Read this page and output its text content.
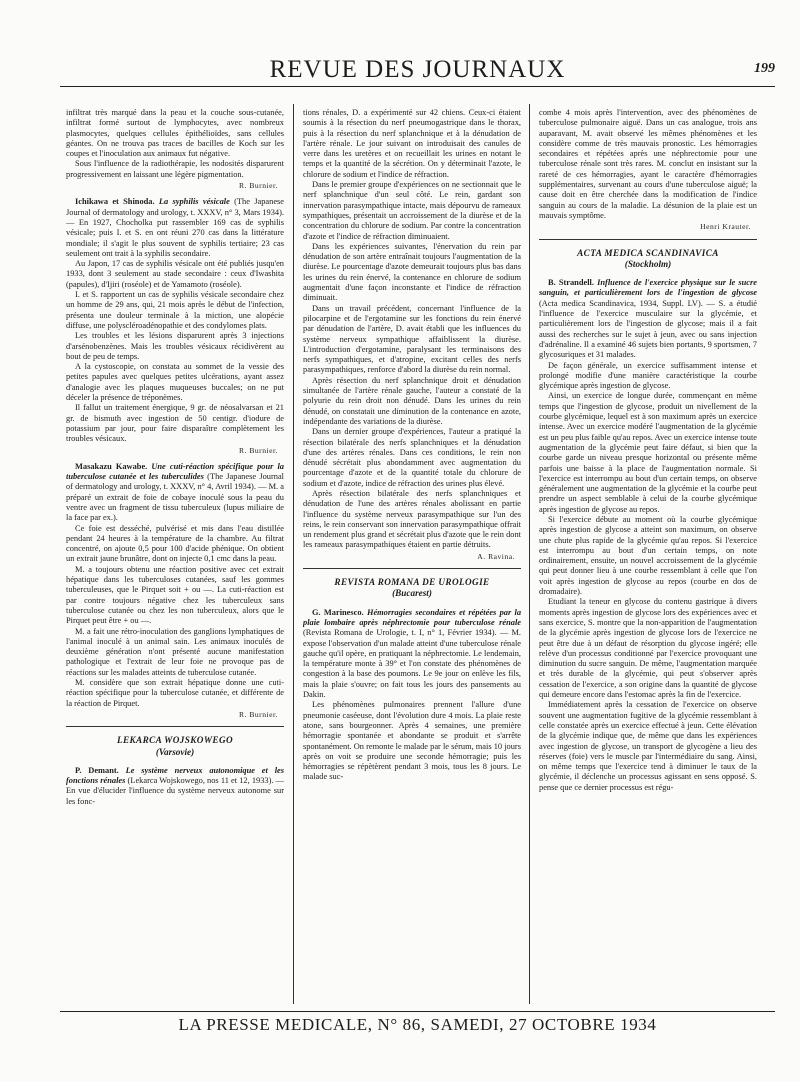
REVUE DES JOURNAUX	199

infiltrat très marqué dans la peau et la couche sous-cutanée, infiltrat formé surtout de lymphocytes, avec nombreux plasmocytes, quelques cellules épithélioïdes, sans cellules géantes. On ne trouva pas traces de bacilles de Koch sur les coupes et l'inoculation aux animaux fut négative.

Sous l'influence de la radiothérapie, les nodosités disparurent progressivement en laissant une légère pigmentation.

R. Burnier.

Ichikawa et Shinoda. La syphilis vésicale (The Japanese Journal of dermatology and urology, t. XXXV, n° 3, Mars 1934). — En 1927, Chocholka put rassembler 169 cas de syphilis vésicale; puis I. et S. en ont réuni 270 cas dans la littérature mondiale; il s'agit le plus souvent de syphilis tertiaire; 23 cas seulement ont trait à la syphilis secondaire.

Au Japon, 17 cas de syphilis vésicale ont été publiés jusqu'en 1933, dont 3 seulement au stade secondaire : ceux d'Iwashita (papules), d'Ijiri (roséole) et de Yamamoto (roséole).

I. et S. rapportent un cas de syphilis vésicale secondaire chez un homme de 29 ans, qui, 21 mois après le début de l'infection, présenta une douleur terminale à la miction, une alopécie diffuse, une polyscléroadénopathie et des condylomes plats.

Les troubles et les lésions disparurent après 3 injections d'arsénobenzènes. Mais les troubles vésicaux récidivèrent au bout de peu de temps.

A la cystoscopie, on constata au sommet de la vessie des petites papules avec quelques petites ulcérations, ayant assez d'analogie avec les plaques muqueuses buccales; on ne put déceler la présence de tréponèmes.

Il fallut un traitement énergique, 9 gr. de néosalvarsan et 21 gr. de bismuth avec ingestion de 50 centigr. d'iodure de potassium par jour, pour faire disparaître complètement les troubles vésicaux.

R. Burnier.

Masakazu Kawabe. Une cuti-réaction spécifique pour la tuberculose cutanée et les tuberculides (The Japanese Journal of dermatology and urology, t. XXXV, n° 4, Avril 1934). — M. a préparé un extrait de foie de cobaye inoculé sous la peau du ventre avec un fragment de tissu tuberculeux (lupus miliaire de la face par ex.).

Ce foie est desséché, pulvérisé et mis dans l'eau distillée pendant 24 heures à la température de la chambre. Au filtrat concentré, on ajoute 0,5 pour 100 d'acide phénique. On obtient un extrait jaune brunâtre, dont on injecte 0,1 cmc dans la peau.

M. a toujours obtenu une réaction positive avec cet extrait hépatique dans les tuberculoses cutanées, sauf les gommes tuberculeuses, que le Pirquet soit + ou —. La cuti-réaction est par contre toujours négative chez les tuberculeux sans tuberculose cutanée ou chez les non tuberculeux, alors que le Pirquet peut être + ou —.

M. a fait une rétro-inoculation des ganglions lymphatiques de l'animal inoculé à un animal sain. Les animaux inoculés de deuxième génération n'ont présenté aucune manifestation pathologique et l'extrait de leur foie ne provoque pas de réactions sur les malades atteints de tuberculose cutanée.

M. considère que son extrait hépatique donne une cuti-réaction spécifique pour la tuberculose cutanée, et différente de la réaction de Pirquet.

R. Burnier.
LEKARCA WOJSKOWEGO
(Varsovie)

P. Demant. Le système nerveux autonomique et les fonctions rénales (Lekarca Wojskowego, nos 11 et 12, 1933). — En vue d'élucider l'influence du système nerveux autonome sur les fonc-

tions rénales, D. a expérimenté sur 42 chiens. Ceux-ci étaient soumis à la résection du nerf pneumogastrique dans le thorax, puis à la résection du nerf splanchnique et à la dénudation de l'artère rénale. Le jour suivant on introduisait des canules de verre dans les uretères et on recueillait les urines en notant le temps et la quantité de la sécrétion. On y déterminait l'azote, le chlorure de sodium et l'indice de réfraction.

Dans le premier groupe d'expériences on ne sectionnait que le nerf splanchnique d'un seul côté. Le rein, gardant son innervation parasympathique intacte, mais dépourvu de rameaux sympathiques, présentait un accroissement de la diurèse et de la concentration du chlorure de sodium. Par contre la concentration d'azote et l'indice de réfraction diminuaient.

Dans les expériences suivantes, l'énervation du rein par dénudation de son artère entraînait toujours l'augmentation de la diurèse. Le pourcentage d'azote demeurait toujours plus bas dans les urines du rein énervé, la contenance en chlorure de sodium augmentait d'une façon inconstante et l'indice de réfraction diminuait.

Dans un travail précédent, concernant l'influence de la pilocarpine et de l'ergotamine sur les fonctions du rein énervé par dénudation de l'artère, D. avait établi que les influences du système nerveux sympathique affaiblissent la diurèse. L'introduction d'ergotamine, paralysant les terminaisons des nerfs sympathiques, et d'atropine, excitant celles des nerfs parasympathiques, renforce d'abord la diurèse du rein normal.

Après résection du nerf splanchnique droit et dénudation simultanée de l'artère rénale gauche, l'auteur a constaté de la polyurie du rein droit non dénudé. Dans les urines du rein dénudé, on constatait une diminution de la contenance en azote, indépendante des variations de la diurèse.

Dans un dernier groupe d'expériences, l'auteur a pratiqué la résection bilatérale des nerfs splanchniques et la dénudation d'une des artères rénales. Dans ces conditions, le rein non dénudé sécrétait plus abondamment avec augmentation du pourcentage d'azote et de la quantité totale du chlorure de sodium et d'azote, indice de réfraction des urines plus élevé.

Après résection bilatérale des nerfs splanchniques et dénudation de l'une des artères rénales abolissant en partie l'influence du système nerveux parasympathique sur l'un des reins, le rein conservant son innervation parasympathique offrait un rendement plus grand et sécrétait plus d'azote que le rein dont les rameaux parasympathiques étaient en partie détruits.

A. Ravina.
REVISTA ROMANA DE UROLOGIE
(Bucarest)

G. Marinesco. Hémorragies secondaires et répétées par la plaie lombaire après néphrectomie pour tuberculose rénale (Revista Romana de Urologie, t. I, n° 1, Février 1934). — M. expose l'observation d'un malade atteint d'une tuberculose rénale gauche qu'il opère, en pratiquant la néphrectomie. Le lendemain, la température monte à 39° et l'on constate des phénomènes de congestion à la base des poumons. Le 9e jour on enlève les fils, mais la plaie s'ouvre; on fait tous les jours des pansements au Dakin.

Les phénomènes pulmonaires prennent l'allure d'une pneumonie caséeuse, dont l'évolution dure 4 mois. La plaie reste atone, sans bourgeonner. Après 4 semaines, une première hémorragie spontanée et abondante se produit et s'arrête spontanément. On remonte le malade par le sérum, mais 10 jours après on voit se produire une seconde hémorragie; puis les hémorragies se répètèrent pendant 3 mois, tous les 8 jours. Le malade suc-

combe 4 mois après l'intervention, avec des phénomènes de tuberculose pulmonaire aiguë. Dans un cas analogue, trois ans auparavant, M. avait observé les mêmes phénomènes et les considère comme de très mauvais pronostic. Les hémorragies secondaires et répétées après une néphrectomie pour une tuberculose rénale sont très rares. M. conclut en insistant sur la rareté de ces hémorragies, ayant le caractère d'hémorragies supplémentaires, survenant au cours d'une tuberculose aiguë; la cause doit en être cherchée dans la modification de l'indice sanguin au cours de la maladie. La désunion de la plaie est un mauvais symptôme.

Henri Krauter.
ACTA MEDICA SCANDINAVICA
(Stockholm)

B. Strandell. Influence de l'exercice physique sur le sucre sanguin, et particulièrement lors de l'ingestion de glycose (Acta medica Scandinavica, 1934, Suppl. LV). — S. a étudié l'influence de l'exercice musculaire sur la glycémie, et particulièrement lors de l'ingestion de glycose; mais il a fait aussi des recherches sur le sujet à jeun, avec ou sans injection d'adrénaline. Il a examiné 46 sujets bien portants, 9 sportsmen, 7 glycosuriques et 31 malades.

De façon générale, un exercice suffisamment intense et prolongé modifie d'une manière caractéristique la courbe glycémique après ingestion de glycose.

Ainsi, un exercice de longue durée, commençant en même temps que l'ingestion de glycose, produit un nivellement de la courbe glycémique, lequel est à son maximum après un exercice intense. Avec un exercice modéré l'augmentation de la glycémie est un peu plus faible qu'au repos. Avec un exercice intense toute augmentation de la glycémie peut faire défaut, si bien que la courbe garde un niveau presque horizontal ou présente même parfois une baisse à la place de l'augmentation normale. Si l'exercice est interrompu au bout d'un certain temps, on observe généralement une augmentation de la glycémie et la courbe peut prendre un aspect semblable à celui de la courbe glycémique après ingestion de glycose au repos.

Si l'exercice débute au moment où la courbe glycémique après ingestion de glycose a atteint son maximum, on observe une chute plus rapide de la glycémie qu'au repos. Si l'exercice est interrompu au bout d'un certain temps, on note ordinairement, ensuite, un nouvel accroissement de la glycémie qui peut donner lieu à une courbe ressemblant à celle que l'on voit après ingestion de glycose au repos (courbe en dos de dromadaire).

Etudiant la teneur en glycose du contenu gastrique à divers moments après ingestion de glycose lors des expériences avec et sans exercice, S. montre que la non-apparition de l'augmentation de la glycémie après ingestion de glycose lors de l'exercice ne peut être due à un défaut de résorption du glycose ingéré; elle relève d'un processus conditionné par l'exercice provoquant une diminution du sucre sanguin. De même, l'augmentation marquée et très durable de la glycémie, qui peut s'observer après cessation de l'exercice, a son origine dans la quantité de glycose qui demeure encore dans l'estomac après la fin de l'exercice.

Immédiatement après la cessation de l'exercice on observe souvent une augmentation fugitive de la glycémie ressemblant à celle constatée après un exercice effectué à jeun. Cette élévation de la glycémie indique que, de même que dans les expériences avec ingestion de glycose, un transport de glycogène a lieu des réserves (foie) vers le muscle par l'intermédiaire du sang. Ainsi, on même temps que l'exercice tend à diminuer le taux de la glycémie, il déclenche un processus agissant en sens opposé. S. pense que ce dernier processus est régu-

LA PRESSE MEDICALE, N° 86, SAMEDI, 27 OCTOBRE 1934
